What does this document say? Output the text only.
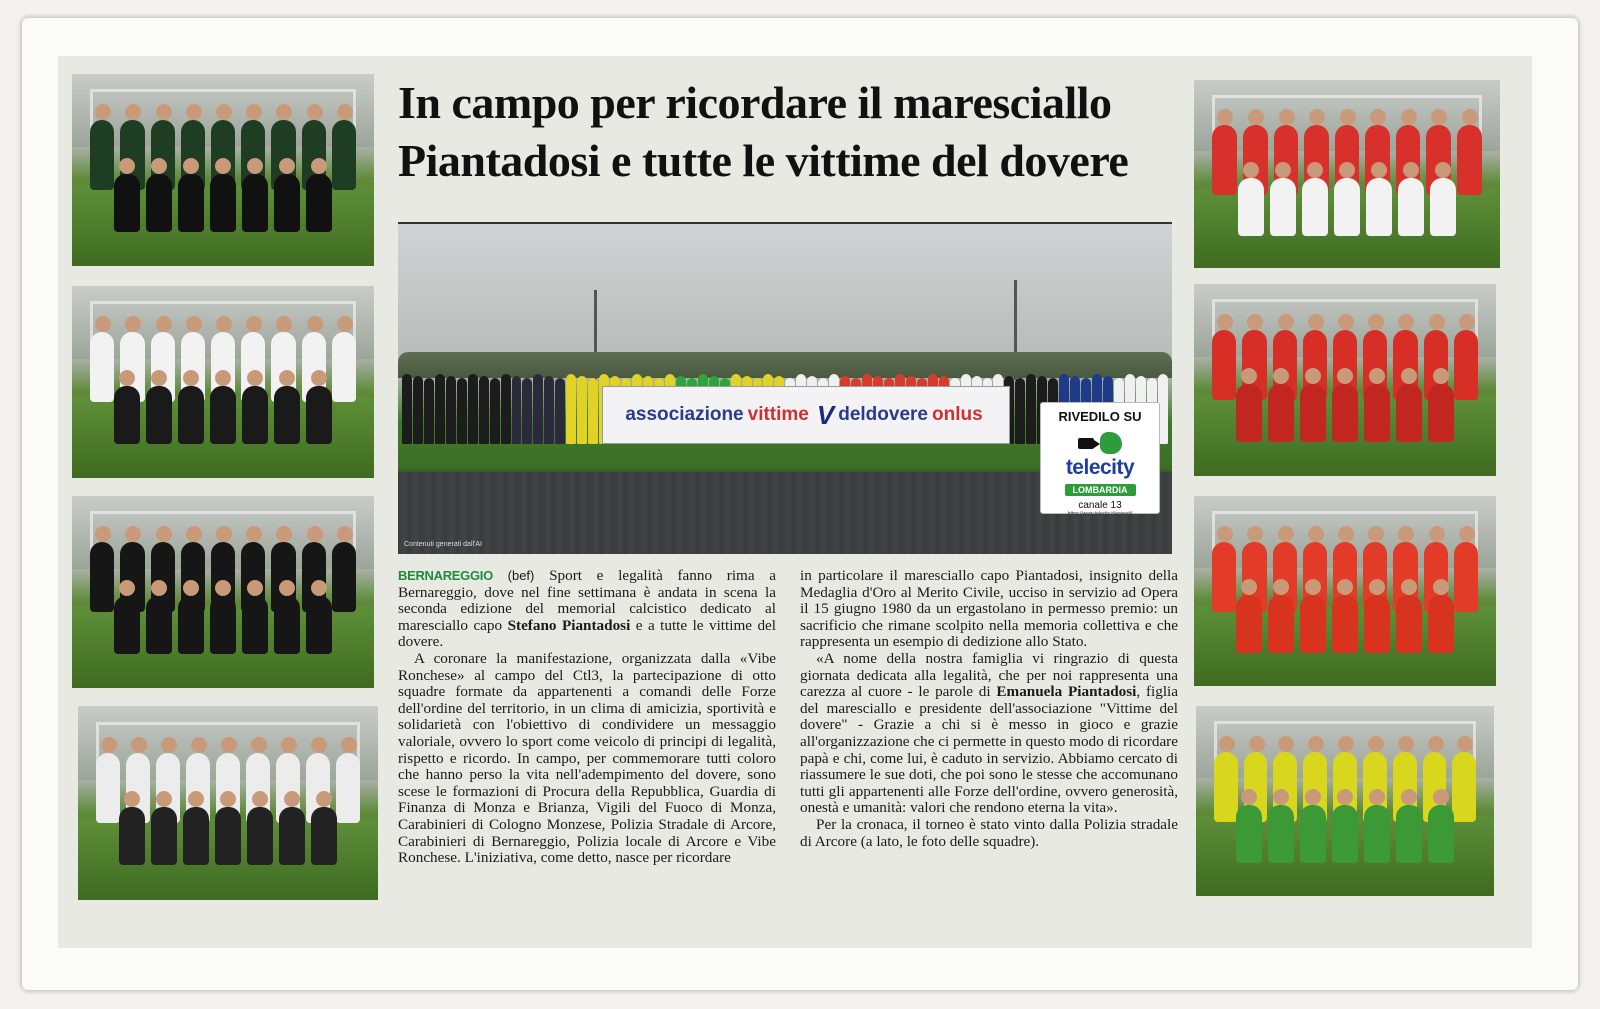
In campo per ricordare il maresciallo
Piantadosi e tutte le vittime del dovere
associazione vittime V deldovere onlus
Contenuti generati dall'AI
RIVEDILO SU
telecity
LOMBARDIA
canale 13
https://www.telecity.it/episodi/

BERNAREGGIO (bef) Sport e legalità fanno rima a Bernareggio, dove nel fine settimana è andata in scena la seconda edizione del memorial calcistico dedicato al maresciallo capo Stefano Piantadosi e a tutte le vittime del dovere.

A coronare la manifestazione, organizzata dalla «Vibe Ronchese» al campo del Ctl3, la partecipazione di otto squadre formate da appartenenti a comandi delle Forze dell'ordine del territorio, in un clima di amicizia, sportività e solidarietà con l'obiettivo di condividere un messaggio valoriale, ovvero lo sport come veicolo di principi di legalità, rispetto e ricordo. In campo, per commemorare tutti coloro che hanno perso la vita nell'adempimento del dovere, sono scese le formazioni di Procura della Repubblica, Guardia di Finanza di Monza e Brianza, Vigili del Fuoco di Monza, Carabinieri di Cologno Monzese, Polizia Stradale di Arcore, Carabinieri di Bernareggio, Polizia locale di Arcore e Vibe Ronchese. L'iniziativa, come detto, nasce per ricordare

in particolare il maresciallo capo Piantadosi, insignito della Medaglia d'Oro al Merito Civile, ucciso in servizio ad Opera il 15 giugno 1980 da un ergastolano in permesso premio: un sacrificio che rimane scolpito nella memoria collettiva e che rappresenta un esempio di dedizione allo Stato.

«A nome della nostra famiglia vi ringrazio di questa giornata dedicata alla legalità, che per noi rappresenta una carezza al cuore - le parole di Emanuela Piantadosi, figlia del maresciallo e presidente dell'associazione "Vittime del dovere" - Grazie a chi si è messo in gioco e grazie all'organizzazione che ci permette in questo modo di ricordare papà e chi, come lui, è caduto in servizio. Abbiamo cercato di riassumere le sue doti, che poi sono le stesse che accomunano tutti gli appartenenti alle Forze dell'ordine, ovvero generosità, onestà e umanità: valori che rendono eterna la vita».

Per la cronaca, il torneo è stato vinto dalla Polizia stradale di Arcore (a lato, le foto delle squadre).
